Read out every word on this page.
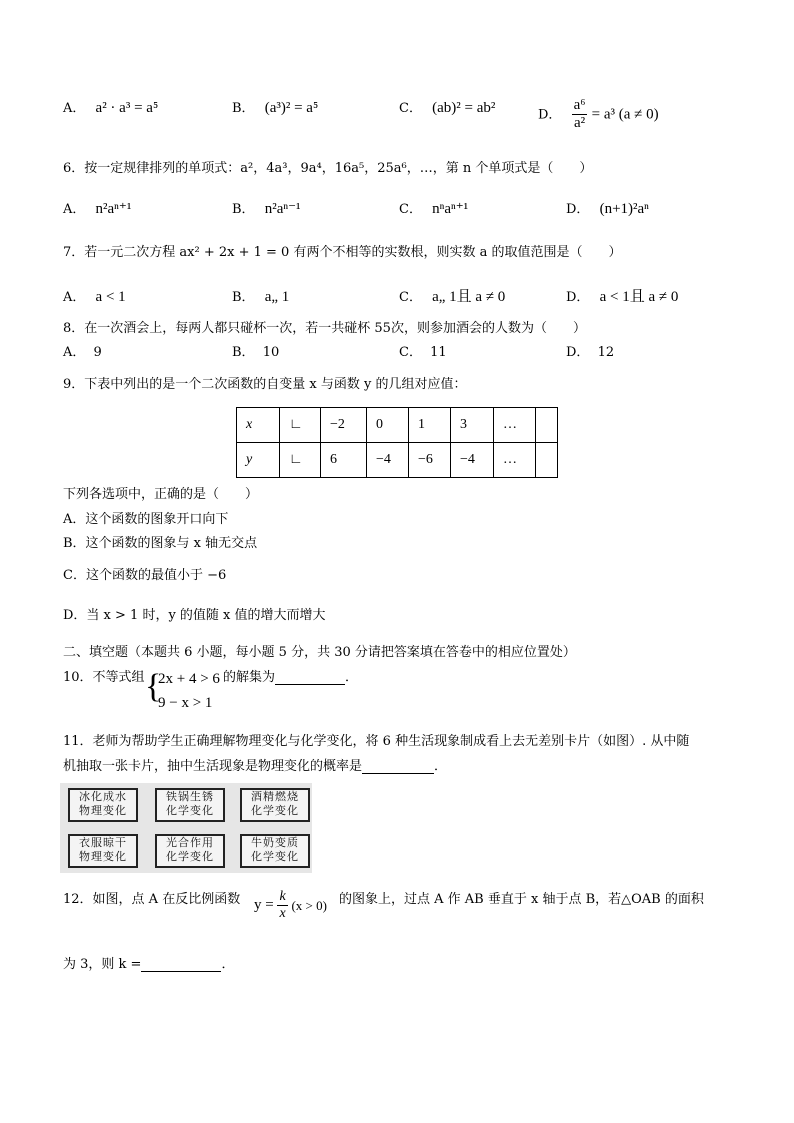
A． a² · a³ = a⁵	B． (a³)² = a⁵	C． (ab)² = ab²	D． $\frac{\text{a⁶}}{\text{a²}} = a^3$ (a ≠ 0)
6．按一定规律排列的单项式：a²，4a³，9a⁴，16a⁵，25a⁶，…，第 n 个单项式是（　　）
A． n²aⁿ⁺¹	B． n²aⁿ⁻¹	C． nⁿaⁿ⁺¹	D． (n+1)²aⁿ
7．若一元二次方程 ax² + 2x + 1 = 0 有两个不相等的实数根，则实数 a 的取值范围是（　　）
A． a < 1	B． a„ 1	C． a„ 1且 a ≠ 0	D． a < 1且 a ≠ 0
8．在一次酒会上，每两人都只碰杯一次，若一共碰杯 55次，则参加酒会的人数为（　　）
A． 9	B． 10	C． 11	D． 12
9．下表中列出的是一个二次函数的自变量 x 与函数 y 的几组对应值：
x	∟	−2	0	1	3	…	
y	∟	6	−4	−6	−4	…	
下列各选项中，正确的是（　　）
A．这个函数的图象开口向下
B．这个函数的图象与 x 轴无交点
C．这个函数的最值小于 −6
D．当 x > 1 时，y 的值随 x 值的增大而增大
二、填空题（本题共 6 小题，每小题 5 分，共 30 分请把答案填在答卷中的相应位置处）
10．不等式组 {
2x + 4 > 6
9 − x > 1
的解集为	．
11．老师为帮助学生正确理解物理变化与化学变化，将 6 种生活现象制成看上去无差别卡片（如图）. 从中随
机抽取一张卡片，抽中生活现象是物理变化的概率是	．
冰化成水
物理变化
铁锅生锈
化学变化
酒精燃烧
化学变化
衣服晾干
物理变化
光合作用
化学变化
牛奶变质
化学变化
12．如图，点 A 在反比例函数 $y = \frac{k}{x} (x > 0)$ 的图象上，过点 A 作 AB 垂直于 x 轴于点 B，若△OAB 的面积
为 3，则 k =	．
